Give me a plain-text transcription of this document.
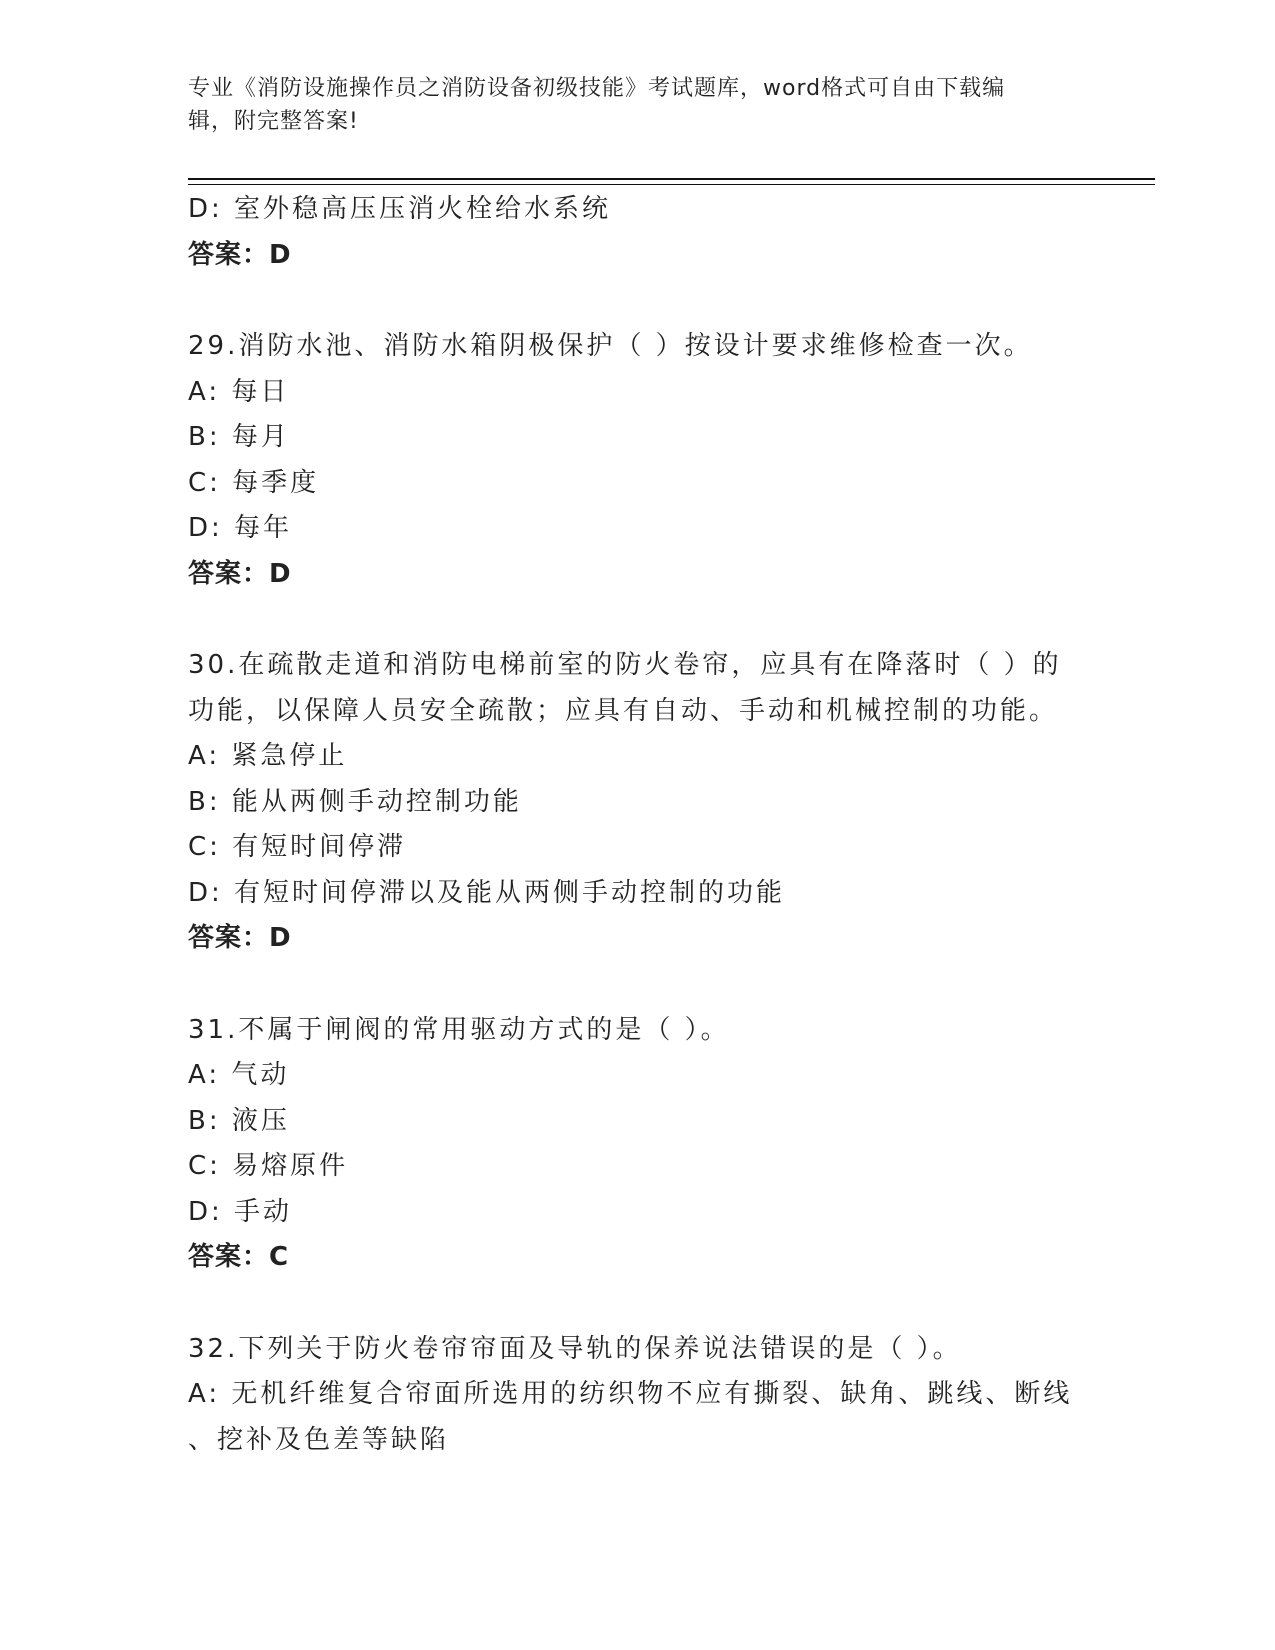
专业《消防设施操作员之消防设备初级技能》考试题库，word格式可自由下载编
辑，附完整答案!
D: 室外稳高压压消火栓给水系统
答案：D
29.消防水池、消防水箱阴极保护（ ）按设计要求维修检查一次。
A: 每日
B: 每月
C: 每季度
D: 每年
答案：D
30.在疏散走道和消防电梯前室的防火卷帘，应具有在降落时（ ）的
功能，以保障人员安全疏散；应具有自动、手动和机械控制的功能。
A: 紧急停止
B: 能从两侧手动控制功能
C: 有短时间停滞
D: 有短时间停滞以及能从两侧手动控制的功能
答案：D
31.不属于闸阀的常用驱动方式的是（ ）。
A: 气动
B: 液压
C: 易熔原件
D: 手动
答案：C
32.下列关于防火卷帘帘面及导轨的保养说法错误的是（ ）。
A: 无机纤维复合帘面所选用的纺织物不应有撕裂、缺角、跳线、断线
、挖补及色差等缺陷
